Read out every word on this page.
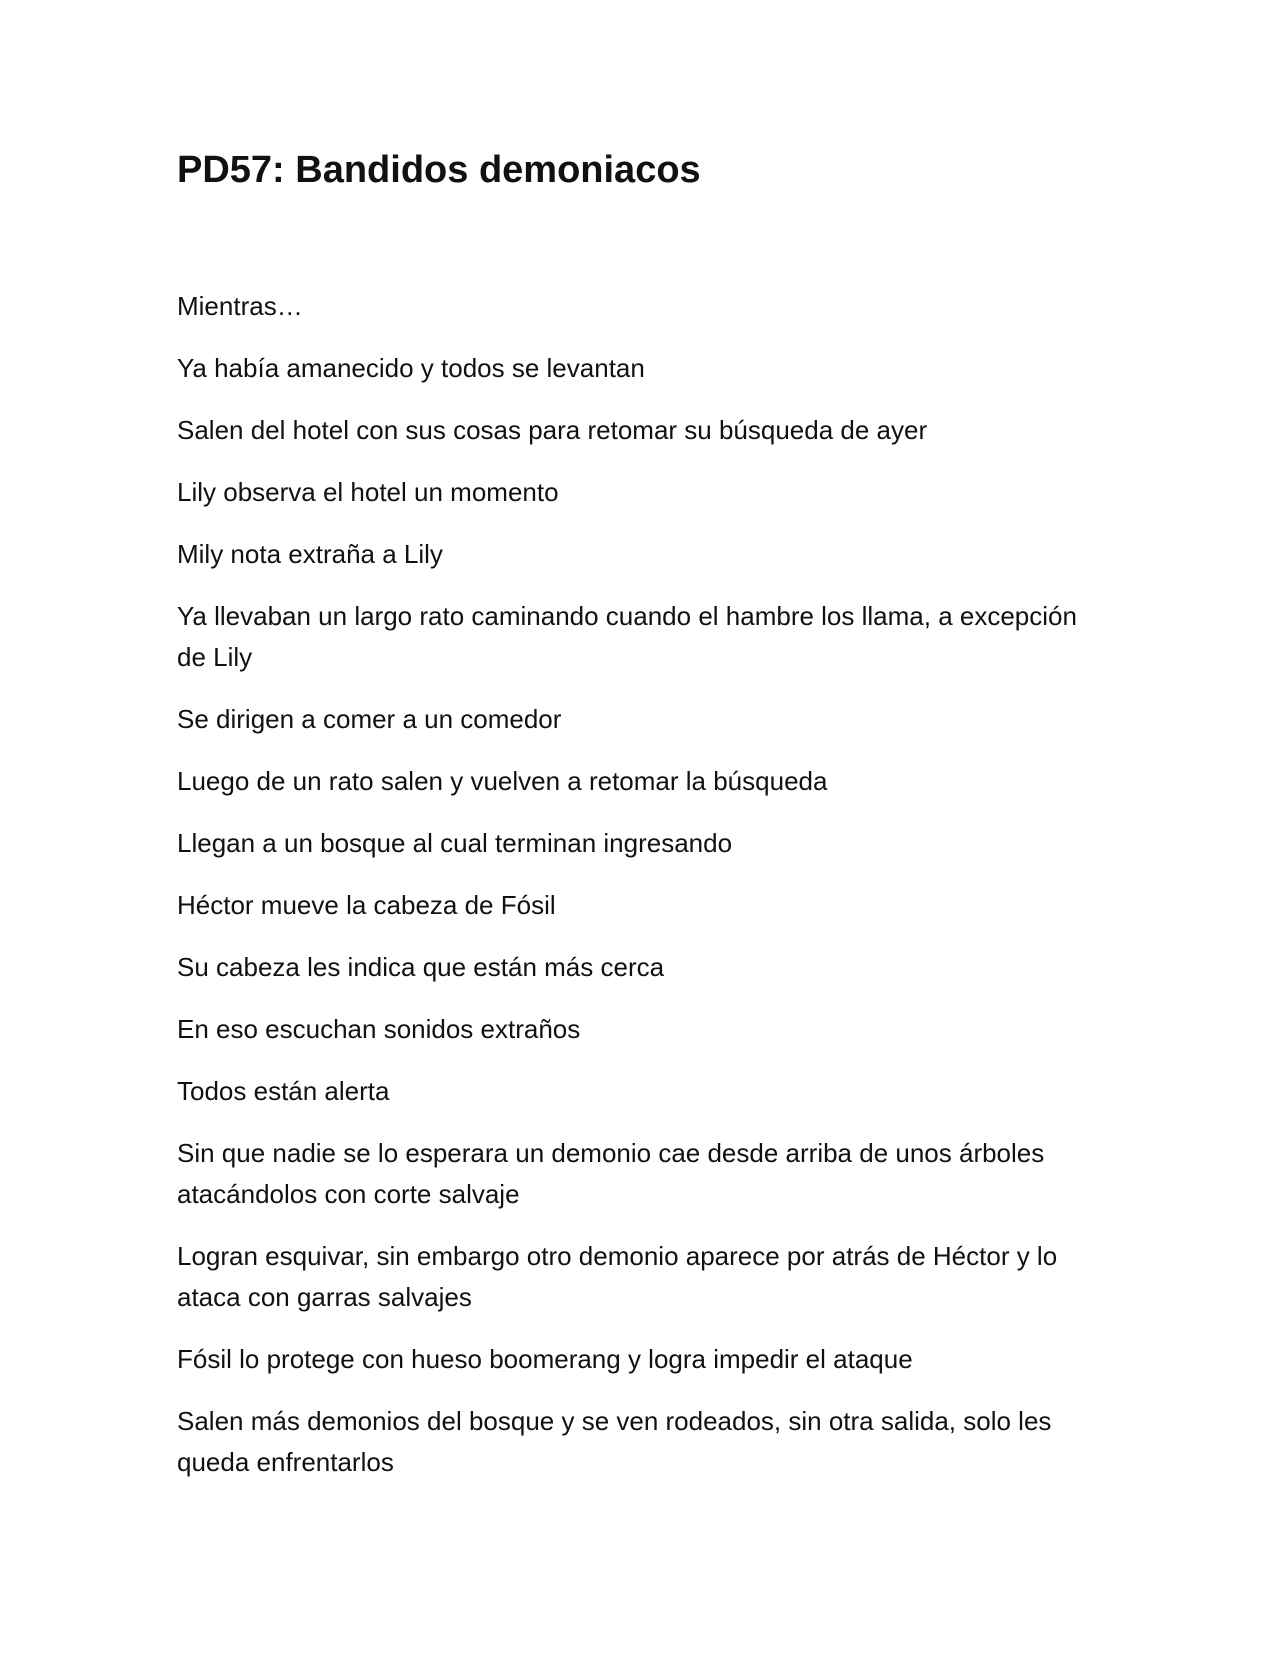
PD57: Bandidos demoniacos

Mientras…

Ya había amanecido y todos se levantan

Salen del hotel con sus cosas para retomar su búsqueda de ayer

Lily observa el hotel un momento

Mily nota extraña a Lily

Ya llevaban un largo rato caminando cuando el hambre los llama, a excepción de Lily

Se dirigen a comer a un comedor

Luego de un rato salen y vuelven a retomar la búsqueda

Llegan a un bosque al cual terminan ingresando

Héctor mueve la cabeza de Fósil

Su cabeza les indica que están más cerca

En eso escuchan sonidos extraños

Todos están alerta

Sin que nadie se lo esperara un demonio cae desde arriba de unos árboles atacándolos con corte salvaje

Logran esquivar, sin embargo otro demonio aparece por atrás de Héctor y lo ataca con garras salvajes

Fósil lo protege con hueso boomerang y logra impedir el ataque

Salen más demonios del bosque y se ven rodeados, sin otra salida, solo les queda enfrentarlos
